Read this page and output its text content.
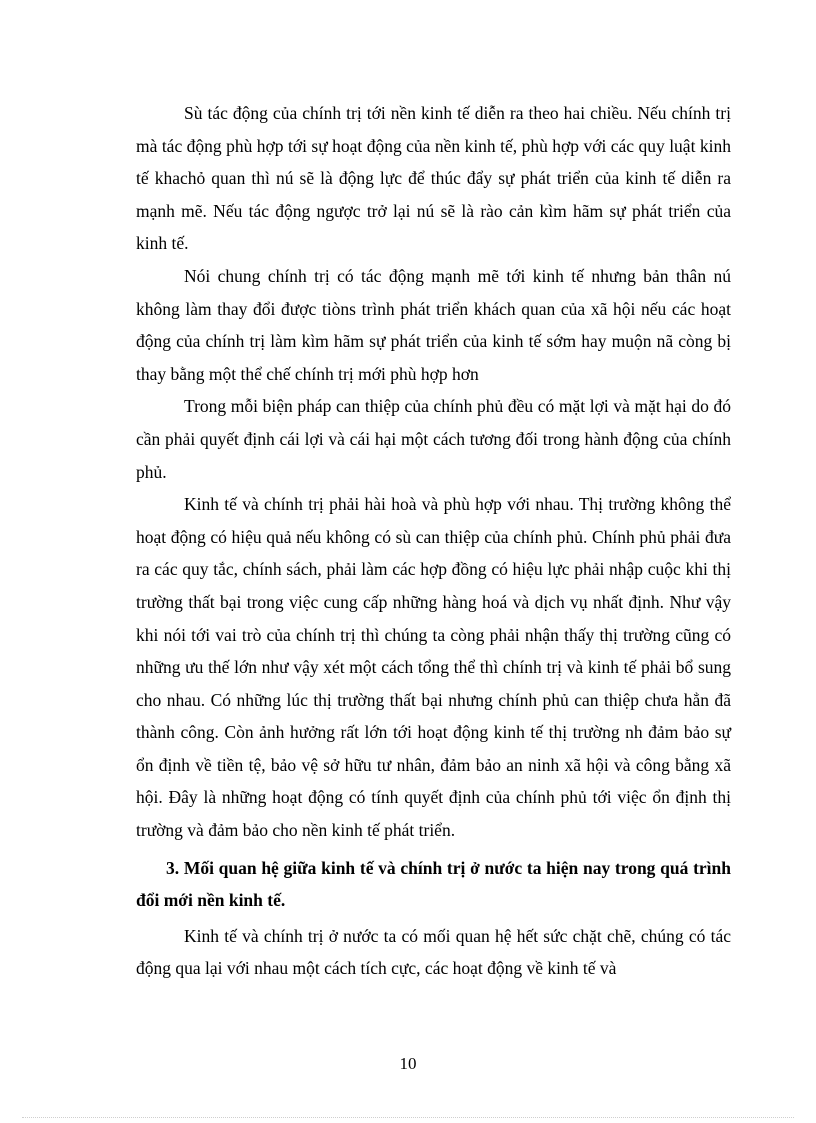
Sù tác động của chính trị tới nền kinh tế diễn ra theo hai chiều. Nếu chính trị mà tác động phù hợp tới sự hoạt động của nền kinh tế, phù hợp với các quy luật kinh tế khachỏ quan thì nú sẽ là động lực để thúc đẩy sự phát triển của kinh tế diễn ra mạnh mẽ. Nếu tác động ngược trở lại nú sẽ là rào cản kìm hãm sự phát triển của kinh tế.

Nói chung chính trị có tác động mạnh mẽ tới kinh tế nhưng bản thân nú không làm thay đổi được tiòns trình phát triển khách quan của xã hội nếu các hoạt động của chính trị làm kìm hãm sự phát triển của kinh tế sớm hay muộn nã còng bị thay bằng một thể chế chính trị mới phù hợp hơn

Trong mỗi biện pháp can thiệp của chính phủ đều có mặt lợi và mặt hại do đó cần phải quyết định cái lợi và cái hại một cách tương đối trong hành động của chính phủ.

Kinh tế và chính trị phải hài hoà và phù hợp với nhau. Thị trường không thể hoạt động có hiệu quả nếu không có sù can thiệp của chính phủ. Chính phủ phải đưa ra các quy tắc, chính sách, phải làm các hợp đồng có hiệu lực phải nhập cuộc khi thị trường thất bại trong việc cung cấp những hàng hoá và dịch vụ nhất định. Như vậy khi nói tới vai trò của chính trị thì chúng ta còng phải nhận thấy thị trường cũng có những ưu thế lớn như vậy xét một cách tổng thể thì chính trị và kinh tế phải bổ sung cho nhau. Có những lúc thị trường thất bại nhưng chính phủ can thiệp chưa hẳn đã thành công. Còn ảnh hưởng rất lớn tới hoạt động kinh tế thị trường nh đảm bảo sự ổn định về tiền tệ, bảo vệ sở hữu tư nhân, đảm bảo an ninh xã hội và công bằng xã hội. Đây là những hoạt động có tính quyết định của chính phủ tới việc ổn định thị trường và đảm bảo cho nền kinh tế phát triển.

3. Mối quan hệ giữa kinh tế và chính trị ở nước ta hiện nay trong quá trình đổi mới nền kinh tế.

Kinh tế và chính trị ở nước ta có mối quan hệ hết sức chặt chẽ, chúng có tác động qua lại với nhau một cách tích cực, các hoạt động về kinh tế và

10
